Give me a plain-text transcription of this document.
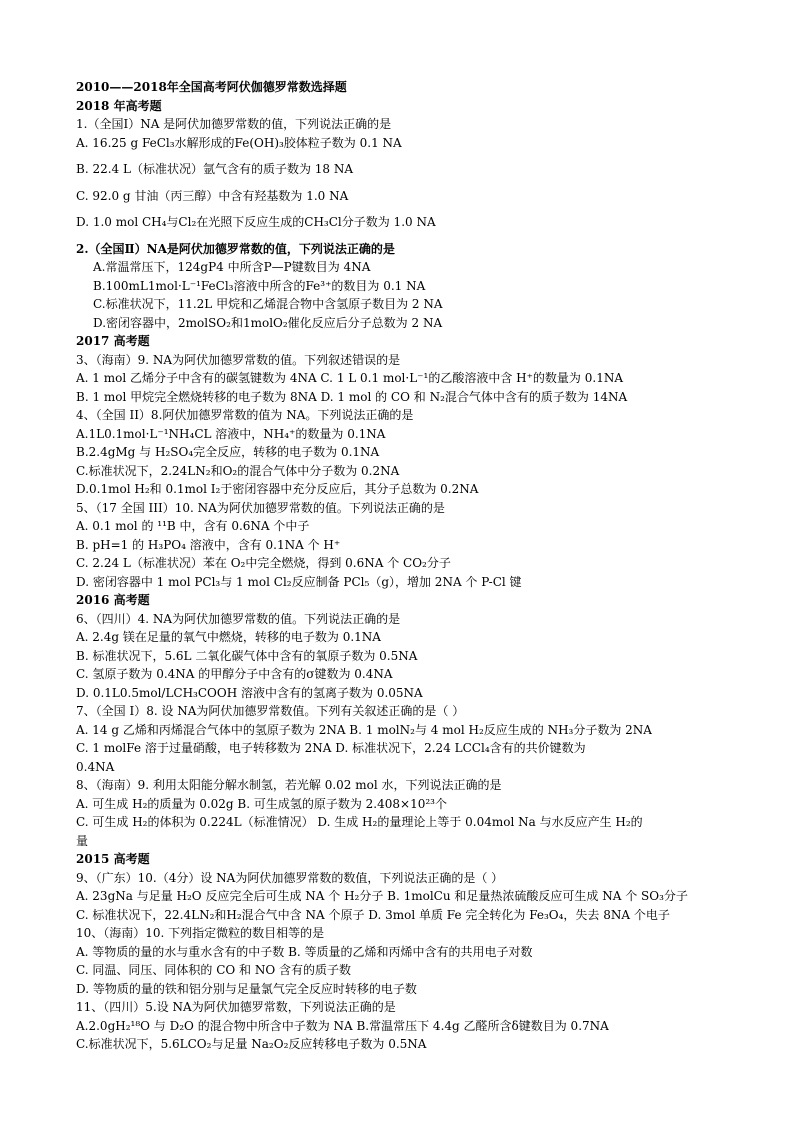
2010——2018年全国高考阿伏伽德罗常数选择题
2018 年高考题
1.（全国Ⅰ）NA 是阿伏加德罗常数的值，下列说法正确的是
A. 16.25 g FeCl₃水解形成的Fe(OH)₃胶体粒子数为 0.1 NA
B. 22.4 L（标准状况）氩气含有的质子数为 18 NA
C. 92.0 g 甘油（丙三醇）中含有羟基数为 1.0 NA
D. 1.0 mol CH₄与Cl₂在光照下反应生成的CH₃Cl分子数为 1.0 NA
2.（全国Ⅱ）NA是阿伏加德罗常数的值，下列说法正确的是
A.常温常压下，124gP4 中所含P—P键数目为 4NA
B.100mL1mol·L⁻¹FeCl₃溶液中所含的Fe³⁺的数目为 0.1 NA
C.标准状况下，11.2L 甲烷和乙烯混合物中含氢原子数目为 2 NA
D.密闭容器中，2molSO₂和1molO₂催化反应后分子总数为 2 NA
2017 高考题
3、（海南）9. NA为阿伏加德罗常数的值。下列叙述错误的是
A. 1 mol 乙烯分子中含有的碳氢键数为 4NA C. 1 L 0.1 mol·L⁻¹的乙酸溶液中含 H⁺的数量为 0.1NA
B. 1 mol 甲烷完全燃烧转移的电子数为 8NA D. 1 mol 的 CO 和 N₂混合气体中含有的质子数为 14NA
4、（全国 II）8.阿伏加德罗常数的值为 NA。下列说法正确的是
A.1L0.1mol·L⁻¹NH₄CL 溶液中，NH₄⁺的数量为 0.1NA
B.2.4gMg 与 H₂SO₄完全反应，转移的电子数为 0.1NA
C.标准状况下，2.24LN₂和O₂的混合气体中分子数为 0.2NA
D.0.1mol H₂和 0.1mol I₂于密闭容器中充分反应后，其分子总数为 0.2NA
5、（17 全国 III）10. NA为阿伏加德罗常数的值。下列说法正确的是
A. 0.1 mol 的 ¹¹B 中，含有 0.6NA 个中子
B. pH=1 的 H₃PO₄ 溶液中，含有 0.1NA 个 H⁺
C. 2.24 L（标准状况）苯在 O₂中完全燃烧，得到 0.6NA 个 CO₂分子
D. 密闭容器中 1 mol PCl₃与 1 mol Cl₂反应制备 PCl₅（g），增加 2NA 个 P-Cl 键
2016 高考题
6、（四川）4. NA为阿伏加德罗常数的值。下列说法正确的是
A. 2.4g 镁在足量的氧气中燃烧，转移的电子数为 0.1NA
B. 标准状况下，5.6L 二氧化碳气体中含有的氧原子数为 0.5NA
C. 氢原子数为 0.4NA 的甲醇分子中含有的σ键数为 0.4NA
D. 0.1L0.5mol/LCH₃COOH 溶液中含有的氢离子数为 0.05NA
7、（全国 I）8. 设 NA为阿伏加德罗常数值。下列有关叙述正确的是（ ）
A. 14 g 乙烯和丙烯混合气体中的氢原子数为 2NA B. 1 molN₂与 4 mol H₂反应生成的 NH₃分子数为 2NA
C. 1 molFe 溶于过量硝酸，电子转移数为 2NA D. 标准状况下，2.24 LCCl₄含有的共价键数为
0.4NA
8、（海南）9. 利用太阳能分解水制氢，若光解 0.02 mol 水，下列说法正确的是
A. 可生成 H₂的质量为 0.02g B. 可生成氢的原子数为 2.408×10²³个
C. 可生成 H₂的体积为 0.224L（标准情况） D. 生成 H₂的量理论上等于 0.04mol Na 与水反应产生 H₂的
量
2015 高考题
9、（广东）10.（4分）设 NA为阿伏加德罗常数的数值，下列说法正确的是（ ）
A. 23gNa 与足量 H₂O 反应完全后可生成 NA 个 H₂分子 B. 1molCu 和足量热浓硫酸反应可生成 NA 个 SO₃分子
C. 标准状况下，22.4LN₂和H₂混合气中含 NA 个原子 D. 3mol 单质 Fe 完全转化为 Fe₃O₄，失去 8NA 个电子
10、（海南）10. 下列指定微粒的数目相等的是
A. 等物质的量的水与重水含有的中子数 B. 等质量的乙烯和丙烯中含有的共用电子对数
C. 同温、同压、同体积的 CO 和 NO 含有的质子数
D. 等物质的量的铁和铝分别与足量氯气完全反应时转移的电子数
11、（四川）5.设 NA为阿伏加德罗常数，下列说法正确的是
A.2.0gH₂¹⁸O 与 D₂O 的混合物中所含中子数为 NA B.常温常压下 4.4g 乙醛所含δ键数目为 0.7NA
C.标准状况下，5.6LCO₂与足量 Na₂O₂反应转移电子数为 0.5NA
